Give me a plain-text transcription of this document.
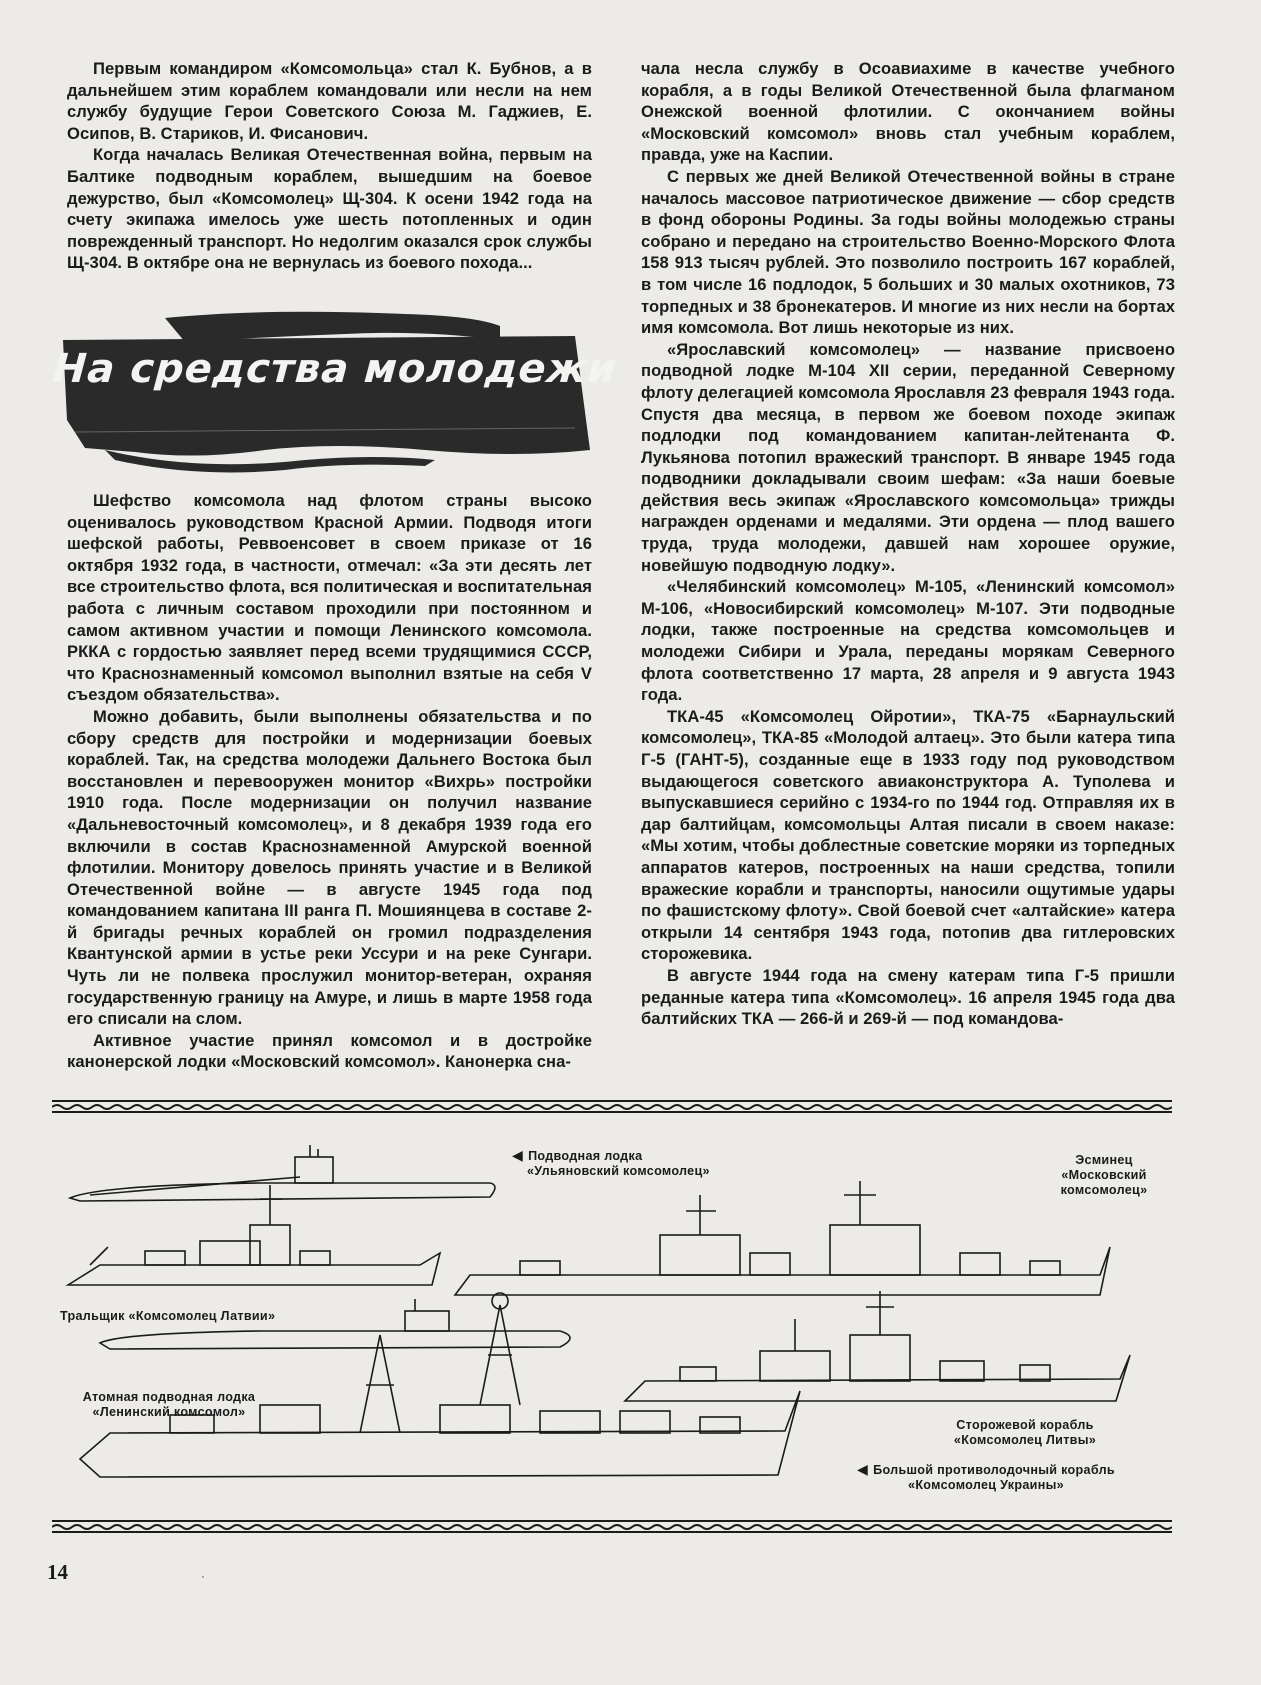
Первым командиром «Комсомольца» стал К. Бубнов, а в дальнейшем этим кораблем командовали или несли на нем службу будущие Герои Советского Союза М. Гаджиев, Е. Осипов, В. Стариков, И. Фисанович.

Когда началась Великая Отечественная война, первым на Балтике подводным кораблем, вышедшим на боевое дежурство, был «Комсомолец» Щ-304. К осени 1942 года на счету экипажа имелось уже шесть потопленных и один поврежденный транспорт. Но недолгим оказался срок службы Щ-304. В октябре она не вернулась из боевого похода...

На средства молодежи

Шефство комсомола над флотом страны высоко оценивалось руководством Красной Армии. Подводя итоги шефской работы, Реввоенсовет в своем приказе от 16 октября 1932 года, в частности, отмечал: «За эти десять лет все строительство флота, вся политическая и воспитательная работа с личным составом проходили при постоянном и самом активном участии и помощи Ленинского комсомола. РККА с гордостью заявляет перед всеми трудящимися СССР, что Краснознаменный комсомол выполнил взятые на себя V съездом обязательства».

Можно добавить, были выполнены обязательства и по сбору средств для постройки и модернизации боевых кораблей. Так, на средства молодежи Дальнего Востока был восстановлен и перевооружен монитор «Вихрь» постройки 1910 года. После модернизации он получил название «Дальневосточный комсомолец», и 8 декабря 1939 года его включили в состав Краснознаменной Амурской военной флотилии. Монитору довелось принять участие и в Великой Отечественной войне — в августе 1945 года под командованием капитана III ранга П. Мошиянцева в составе 2-й бригады речных кораблей он громил подразделения Квантунской армии в устье реки Уссури и на реке Сунгари. Чуть ли не полвека прослужил монитор-ветеран, охраняя государственную границу на Амуре, и лишь в марте 1958 года его списали на слом.

Активное участие принял комсомол и в достройке канонерской лодки «Московский комсомол». Канонерка сна-

чала несла службу в Осоавиахиме в качестве учебного корабля, а в годы Великой Отечественной была флагманом Онежской военной флотилии. С окончанием войны «Московский комсомол» вновь стал учебным кораблем, правда, уже на Каспии.

С первых же дней Великой Отечественной войны в стране началось массовое патриотическое движение — сбор средств в фонд обороны Родины. За годы войны молодежью страны собрано и передано на строительство Военно-Морского Флота 158 913 тысяч рублей. Это позволило построить 167 кораблей, в том числе 16 подлодок, 5 больших и 30 малых охотников, 73 торпедных и 38 бронекатеров. И многие из них несли на бортах имя комсомола. Вот лишь некоторые из них.

«Ярославский комсомолец» — название присвоено подводной лодке М-104 XII серии, переданной Северному флоту делегацией комсомола Ярославля 23 февраля 1943 года. Спустя два месяца, в первом же боевом походе экипаж подлодки под командованием капитан-лейтенанта Ф. Лукьянова потопил вражеский транспорт. В январе 1945 года подводники докладывали своим шефам: «За наши боевые действия весь экипаж «Ярославского комсомольца» трижды награжден орденами и медалями. Эти ордена — плод вашего труда, труда молодежи, давшей нам хорошее оружие, новейшую подводную лодку».

«Челябинский комсомолец» М-105, «Ленинский комсомол» М-106, «Новосибирский комсомолец» М-107. Эти подводные лодки, также построенные на средства комсомольцев и молодежи Сибири и Урала, переданы морякам Северного флота соответственно 17 марта, 28 апреля и 9 августа 1943 года.

ТКА-45 «Комсомолец Ойротии», ТКА-75 «Барнаульский комсомолец», ТКА-85 «Молодой алтаец». Это были катера типа Г-5 (ГАНТ-5), созданные еще в 1933 году под руководством выдающегося советского авиаконструктора А. Туполева и выпускавшиеся серийно с 1934-го по 1944 год. Отправляя их в дар балтийцам, комсомольцы Алтая писали в своем наказе: «Мы хотим, чтобы доблестные советские моряки из торпедных аппаратов катеров, построенных на наши средства, топили вражеские корабли и транспорты, наносили ощутимые удары по фашистскому флоту». Свой боевой счет «алтайские» катера открыли 14 сентября 1943 года, потопив два гитлеровских сторожевика.

В августе 1944 года на смену катерам типа Г-5 пришли реданные катера типа «Комсомолец». 16 апреля 1945 года два балтийских ТКА — 266-й и 269-й — под командова-

◀ Подводная лодка
«Ульяновский комсомолец»
Эсминец
«Московский
комсомолец»
Тральщик «Комсомолец Латвии»
Атомная подводная лодка
«Ленинский комсомол»
Сторожевой корабль
«Комсомолец Литвы»
◀ Большой противолодочный корабль
«Комсомолец Украины»
14	ˈ
